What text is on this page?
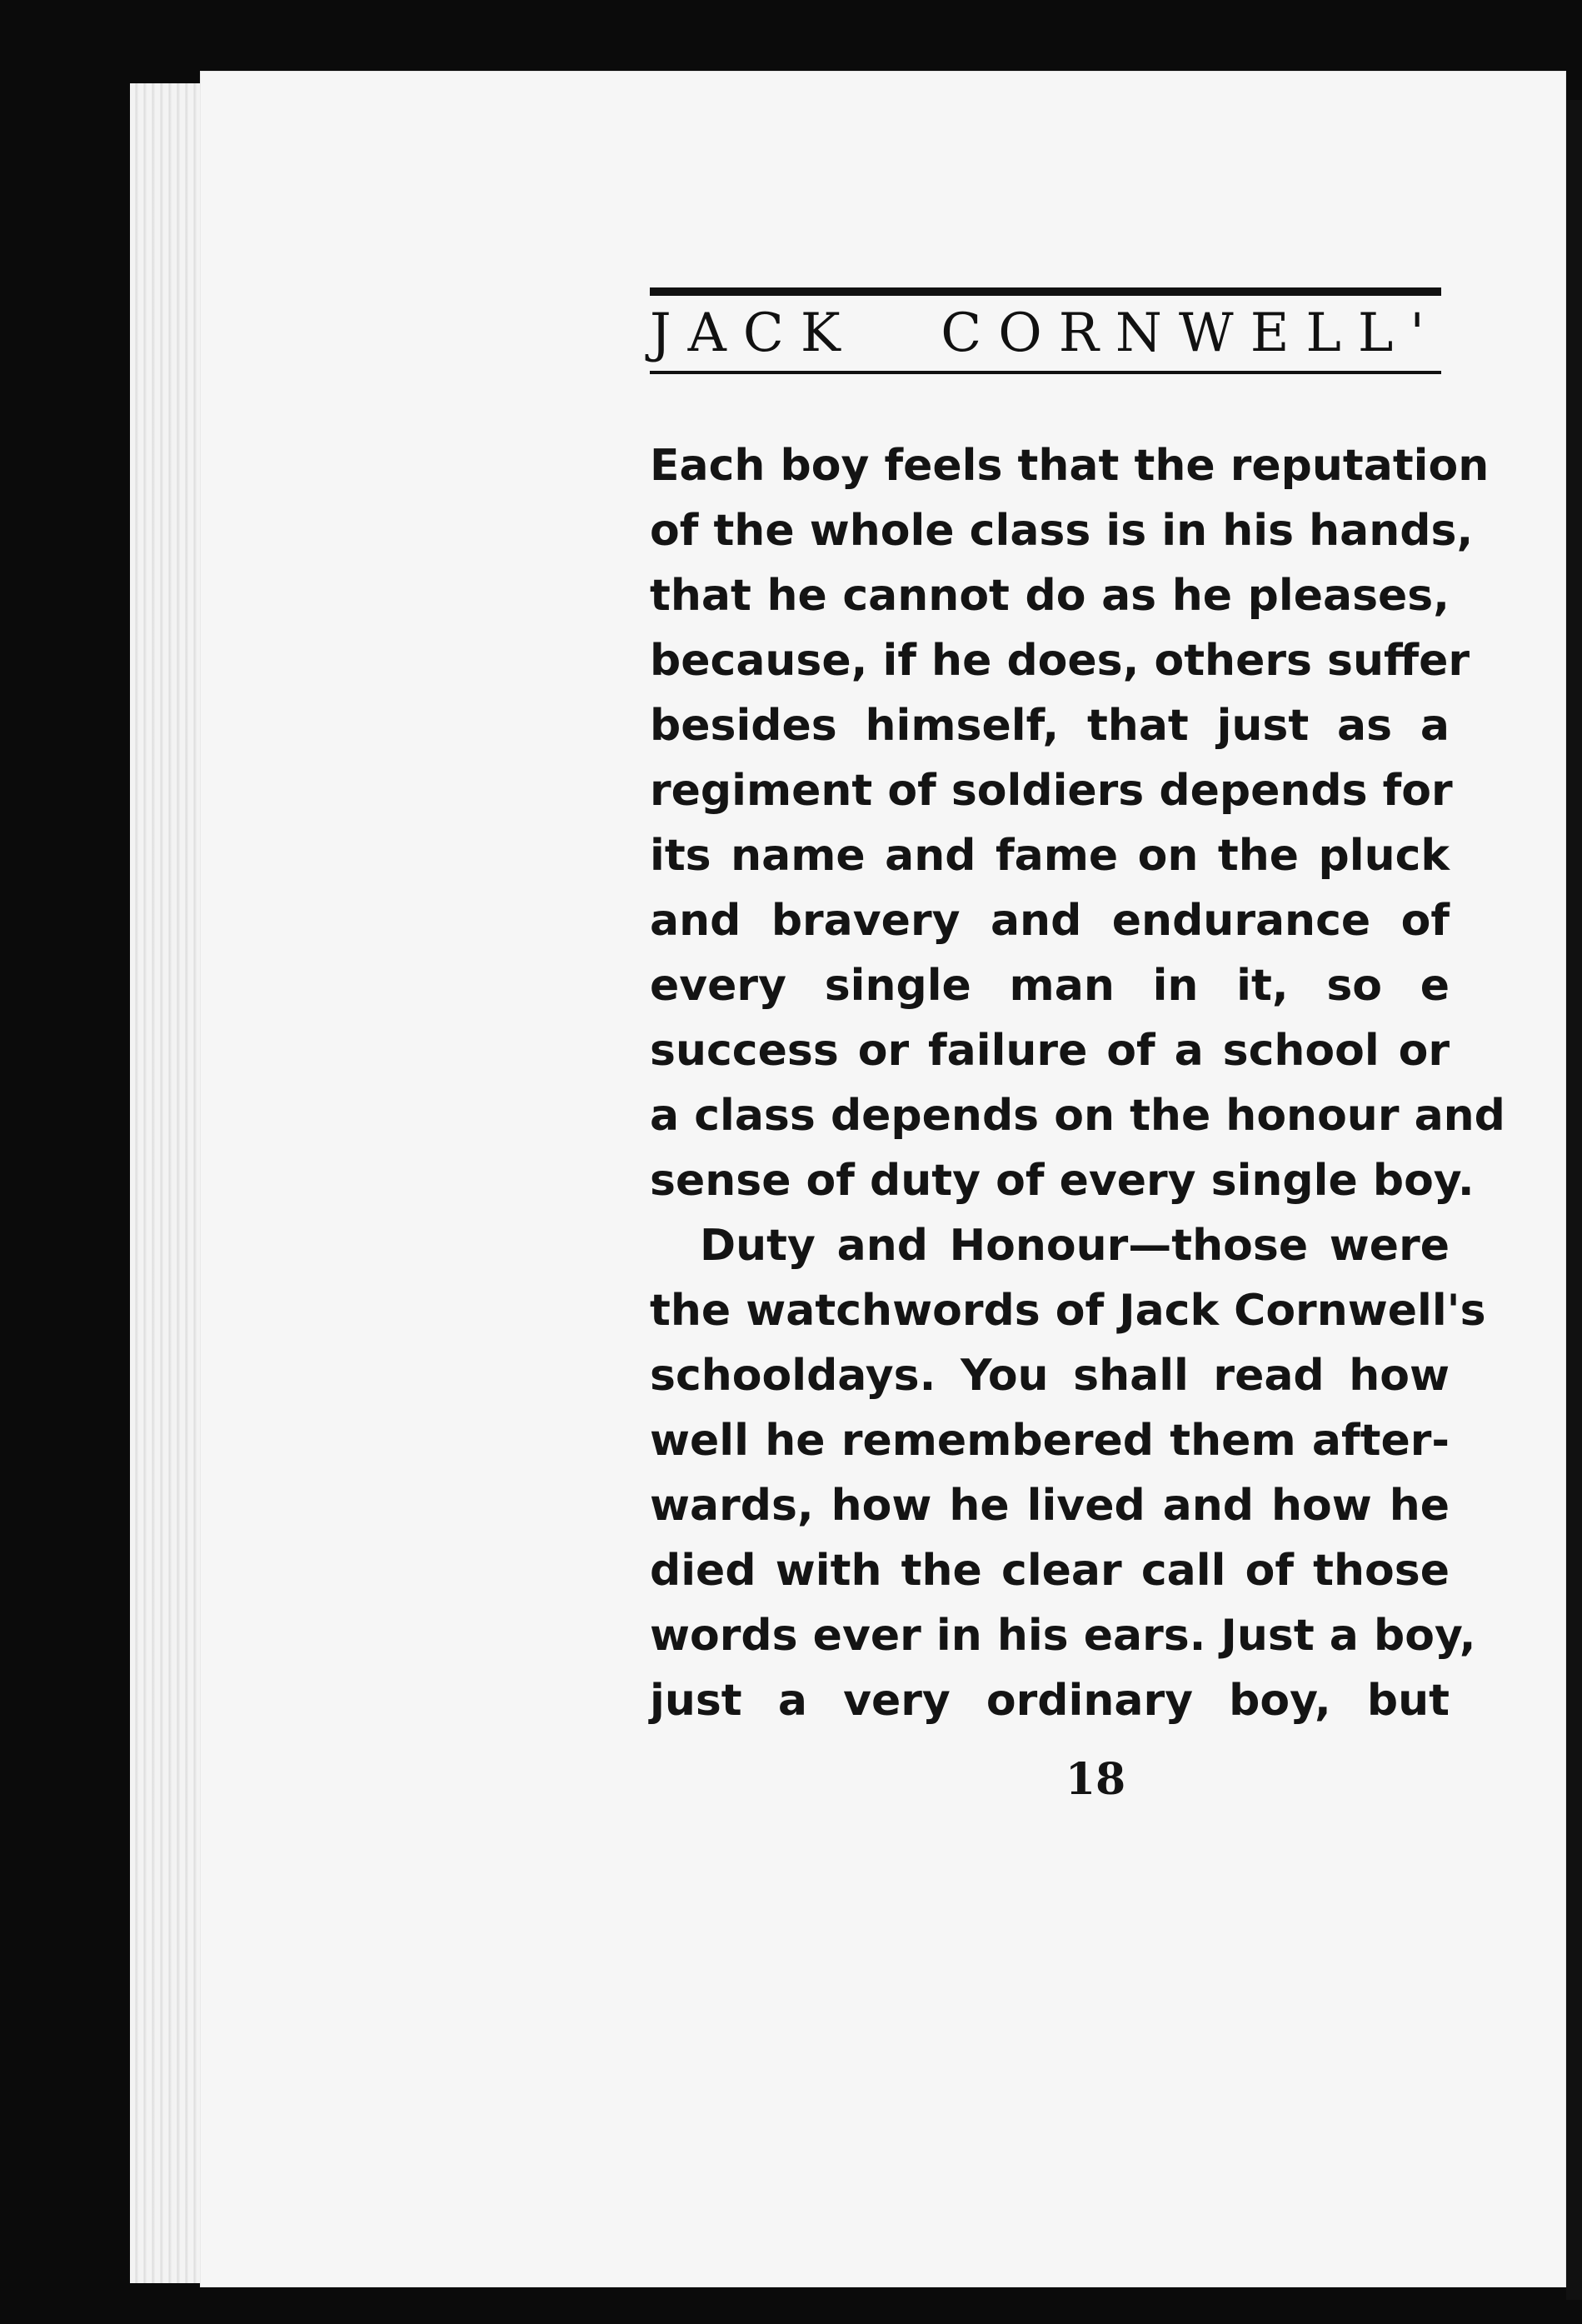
JACK CORNWELL'
Each boy feels that the reputation
of the whole class is in his hands,
that he cannot do as he pleases,
because, if he does, others suffer
besides himself, that just as a
regiment of soldiers depends for
its name and fame on the pluck
and bravery and endurance of
every single man in it, so e
success or failure of a school or
a class depends on the honour and
sense of duty of every single boy.
Duty and Honour—those were
the watchwords of Jack Cornwell's
schooldays. You shall read how
well he remembered them after-
wards, how he lived and how he
died with the clear call of those
words ever in his ears. Just a boy,
just a very ordinary boy, but
18
